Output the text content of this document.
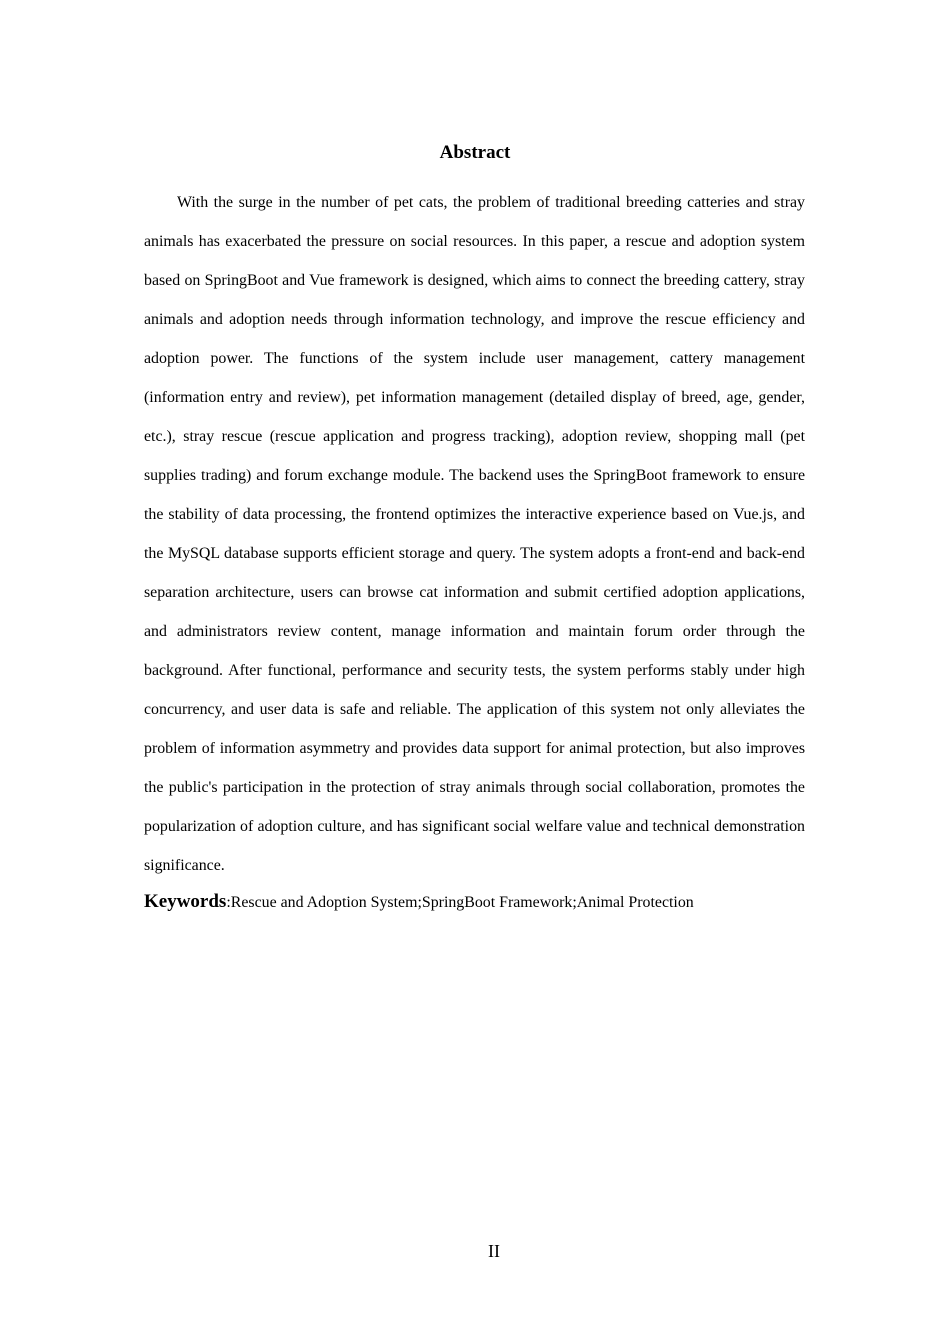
Abstract

With the surge in the number of pet cats, the problem of traditional breeding catteries and stray animals has exacerbated the pressure on social resources. In this paper, a rescue and adoption system based on SpringBoot and Vue framework is designed, which aims to connect the breeding cattery, stray animals and adoption needs through information technology, and improve the rescue efficiency and adoption power. The functions of the system include user management, cattery management (information entry and review), pet information management (detailed display of breed, age, gender, etc.), stray rescue (rescue application and progress tracking), adoption review, shopping mall (pet supplies trading) and forum exchange module. The backend uses the SpringBoot framework to ensure the stability of data processing, the frontend optimizes the interactive experience based on Vue.js, and the MySQL database supports efficient storage and query. The system adopts a front-end and back-end separation architecture, users can browse cat information and submit certified adoption applications, and administrators review content, manage information and maintain forum order through the background. After functional, performance and security tests, the system performs stably under high concurrency, and user data is safe and reliable. The application of this system not only alleviates the problem of information asymmetry and provides data support for animal protection, but also improves the public's participation in the protection of stray animals through social collaboration, promotes the popularization of adoption culture, and has significant social welfare value and technical demonstration significance.

Keywords:Rescue and Adoption System;SpringBoot Framework;Animal Protection
II
